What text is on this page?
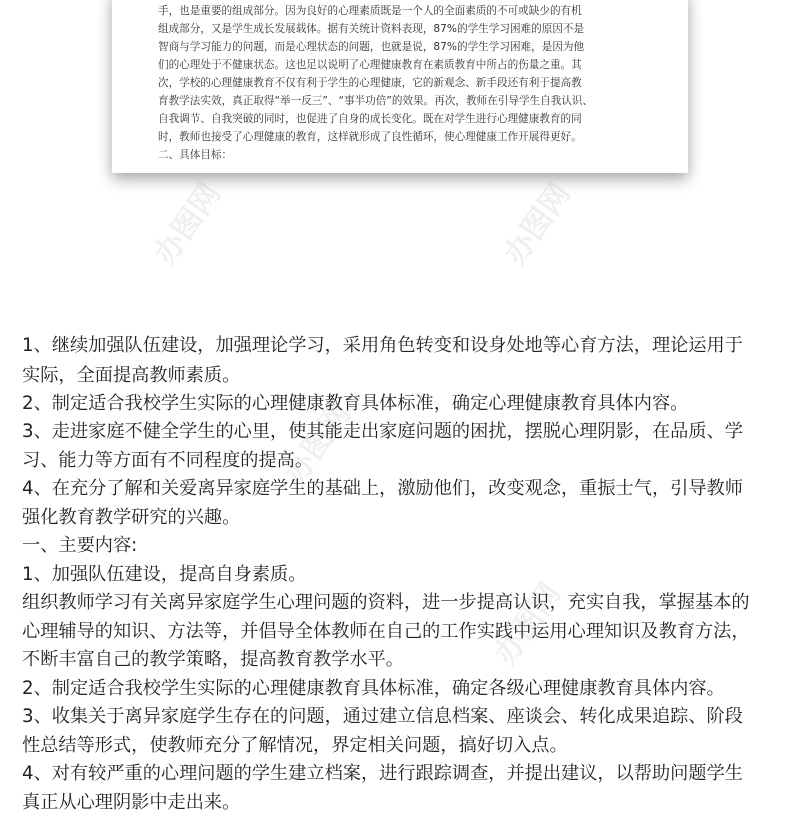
手，也是重要的组成部分。因为良好的心理素质既是一个人的全面素质的不可或缺少的有机
组成部分，又是学生成长发展载体。据有关统计资料表现，87%的学生学习困难的原因不是
智商与学习能力的问题，而是心理状态的问题，也就是说，87%的学生学习困难，是因为他
们的心理处于不健康状态。这也足以说明了心理健康教育在素质教育中所占的伤量之重。其
次，学校的心理健康教育不仅有利于学生的心理健康，它的新观念、新手段还有利于提高教
育教学法实效，真正取得“举一反三”、“事半功倍”的效果。再次，教师在引导学生自我认识、
自我调节、自我突破的同时，也促进了自身的成长变化。既在对学生进行心理健康教育的同
时，教师也接受了心理健康的教育，这样就形成了良性循环，使心理健康工作开展得更好。
二、具体目标：
办图网	办图网
办图网
办图网
1、继续加强队伍建设，加强理论学习，采用角色转变和设身处地等心育方法，理论运用于
实际，全面提高教师素质。
2、制定适合我校学生实际的心理健康教育具体标准，确定心理健康教育具体内容。
3、走进家庭不健全学生的心里，使其能走出家庭问题的困扰，摆脱心理阴影，在品质、学
习、能力等方面有不同程度的提高。
4、在充分了解和关爱离异家庭学生的基础上，激励他们，改变观念，重振士气，引导教师
强化教育教学研究的兴趣。
一、主要内容:
1、加强队伍建设，提高自身素质。
组织教师学习有关离异家庭学生心理问题的资料，进一步提高认识，充实自我，掌握基本的
心理辅导的知识、方法等，并倡导全体教师在自己的工作实践中运用心理知识及教育方法，
不断丰富自己的教学策略，提高教育教学水平。
2、制定适合我校学生实际的心理健康教育具体标准，确定各级心理健康教育具体内容。
3、收集关于离异家庭学生存在的问题，通过建立信息档案、座谈会、转化成果追踪、阶段
性总结等形式，使教师充分了解情况，界定相关问题，搞好切入点。
4、对有较严重的心理问题的学生建立档案，进行跟踪调查，并提出建议，以帮助问题学生
真正从心理阴影中走出来。
